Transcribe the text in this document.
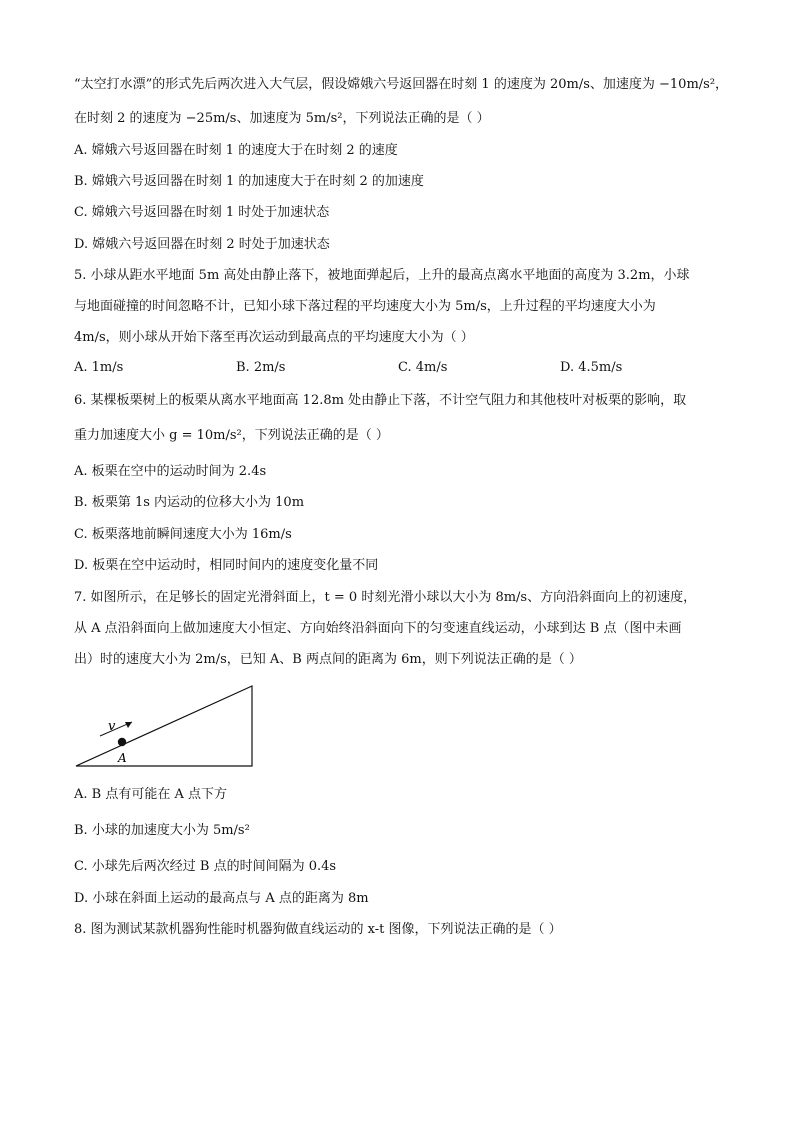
“太空打水漂”的形式先后两次进入大气层，假设嫦娥六号返回器在时刻 1 的速度为 20m/s、加速度为 −10m/s²，
在时刻 2 的速度为 −25m/s、加速度为 5m/s²，下列说法正确的是（ ）
A. 嫦娥六号返回器在时刻 1 的速度大于在时刻 2 的速度
B. 嫦娥六号返回器在时刻 1 的加速度大于在时刻 2 的加速度
C. 嫦娥六号返回器在时刻 1 时处于加速状态
D. 嫦娥六号返回器在时刻 2 时处于加速状态
5. 小球从距水平地面 5m 高处由静止落下，被地面弹起后，上升的最高点离水平地面的高度为 3.2m，小球
与地面碰撞的时间忽略不计，已知小球下落过程的平均速度大小为 5m/s，上升过程的平均速度大小为
4m/s，则小球从开始下落至再次运动到最高点的平均速度大小为（ ）
A. 1m/s	B. 2m/s	C. 4m/s	D. 4.5m/s
6. 某棵板栗树上的板栗从离水平地面高 12.8m 处由静止下落，不计空气阻力和其他枝叶对板栗的影响，取
重力加速度大小 g = 10m/s²，下列说法正确的是（ ）
A. 板栗在空中的运动时间为 2.4s
B. 板栗第 1s 内运动的位移大小为 10m
C. 板栗落地前瞬间速度大小为 16m/s
D. 板栗在空中运动时，相同时间内的速度变化量不同
7. 如图所示，在足够长的固定光滑斜面上，t = 0 时刻光滑小球以大小为 8m/s、方向沿斜面向上的初速度，
从 A 点沿斜面向上做加速度大小恒定、方向始终沿斜面向下的匀变速直线运动，小球到达 B 点（图中未画
出）时的速度大小为 2m/s，已知 A、B 两点间的距离为 6m，则下列说法正确的是（ ）
v
A
A. B 点有可能在 A 点下方
B. 小球的加速度大小为 5m/s²
C. 小球先后两次经过 B 点的时间间隔为 0.4s
D. 小球在斜面上运动的最高点与 A 点的距离为 8m
8. 图为测试某款机器狗性能时机器狗做直线运动的 x-t 图像，下列说法正确的是（ ）
